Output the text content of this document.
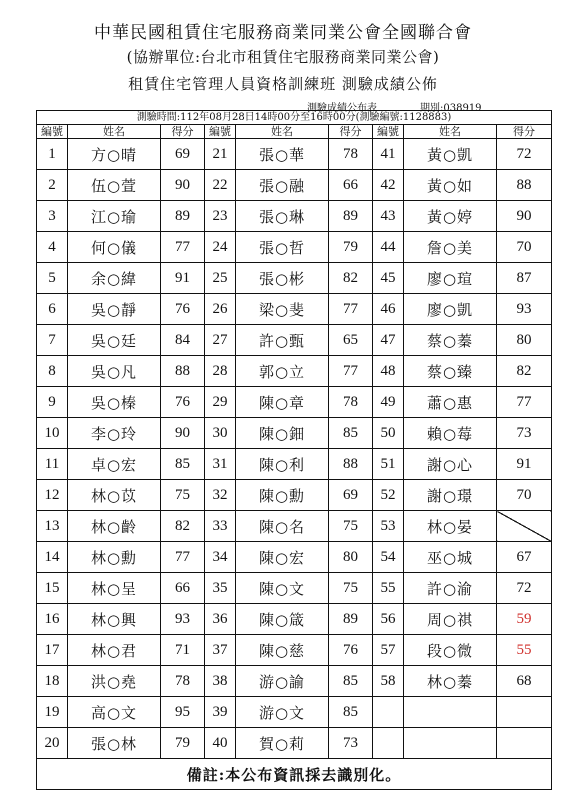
中華民國租賃住宅服務商業同業公會全國聯合會
(協辦單位:台北市租賃住宅服務商業同業公會)
租賃住宅管理人員資格訓練班 測驗成績公佈
測驗成績公布表	期別:038919
測驗時間:112年08月28日14時00分至16時00分(測驗編號:1128883)								
編號	姓名	得分	編號	姓名	得分	編號	姓名	得分
1	方○晴	69	21	張○華	78	41	黃○凱	72
2	伍○萱	90	22	張○融	66	42	黃○如	88
3	江○瑜	89	23	張○琳	89	43	黃○婷	90
4	何○儀	77	24	張○哲	79	44	詹○美	70
5	余○緯	91	25	張○彬	82	45	廖○瑄	87
6	吳○靜	76	26	梁○斐	77	46	廖○凱	93
7	吳○廷	84	27	許○甄	65	47	蔡○蓁	80
8	吳○凡	88	28	郭○立	77	48	蔡○臻	82
9	吳○榛	76	29	陳○章	78	49	蕭○惠	77
10	李○玲	90	30	陳○鈿	85	50	賴○莓	73
11	卓○宏	85	31	陳○利	88	51	謝○心	91
12	林○苡	75	32	陳○勳	69	52	謝○璟	70
13	林○齡	82	33	陳○名	75	53	林○晏	
14	林○勳	77	34	陳○宏	80	54	巫○城	67
15	林○呈	66	35	陳○文	75	55	許○渝	72
16	林○興	93	36	陳○箴	89	56	周○祺	59
17	林○君	71	37	陳○慈	76	57	段○微	55
18	洪○堯	78	38	游○諭	85	58	林○蓁	68
19	高○文	95	39	游○文	85			
20	張○林	79	40	賀○莉	73			
備註:本公布資訊採去識別化。								
